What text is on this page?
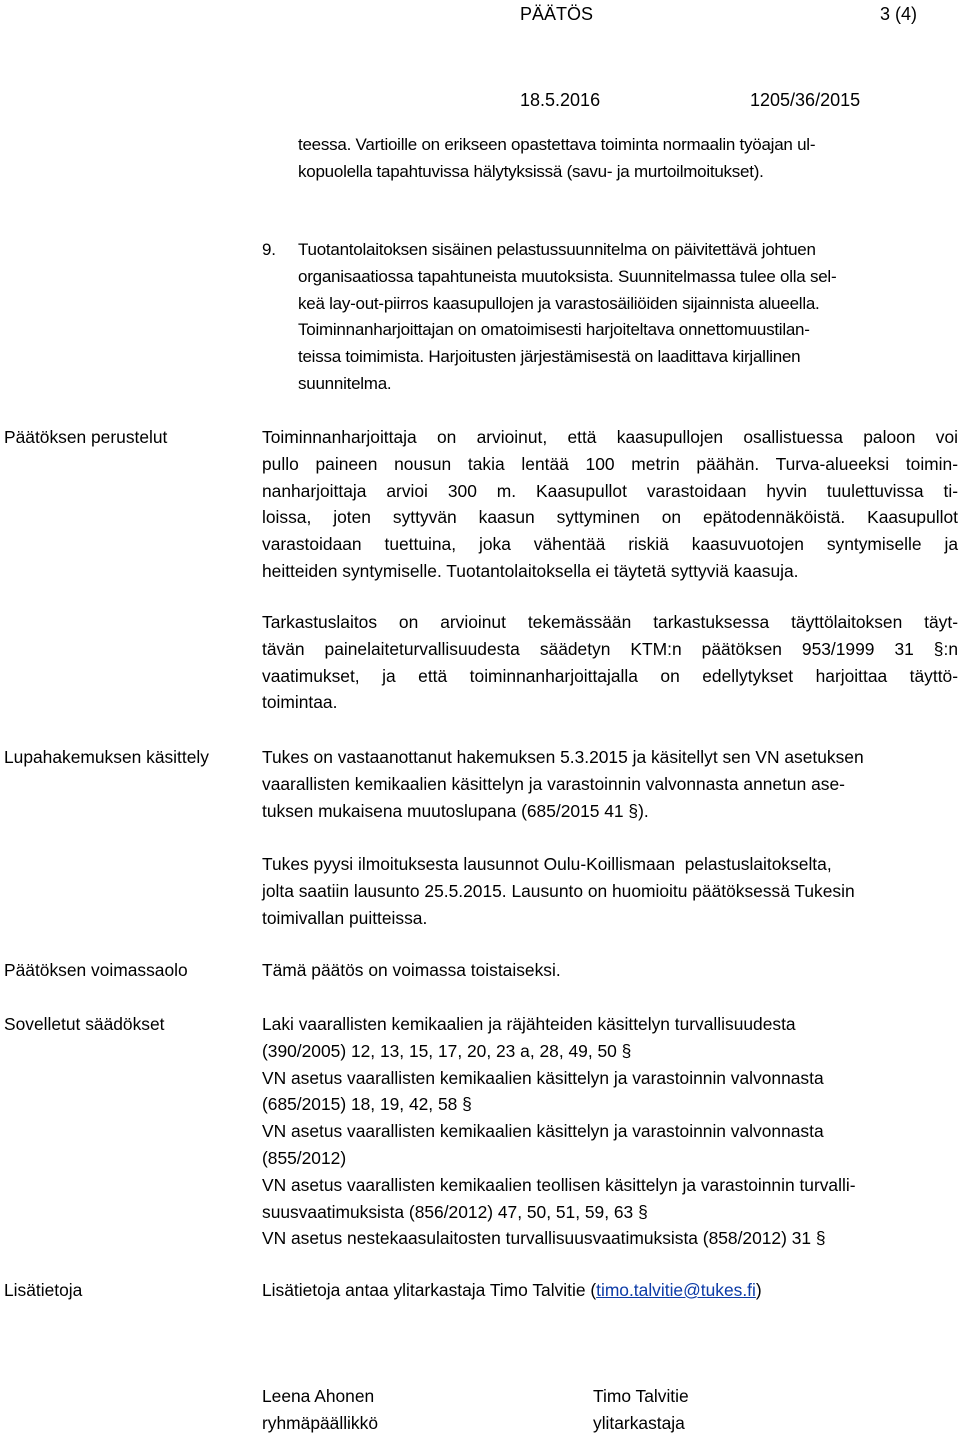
PÄÄTÖS	3 (4)
18.5.2016	1205/36/2015
teessa. Vartioille on erikseen opastettava toiminta normaalin työajan ul-
kopuolella tapahtuvissa hälytyksissä (savu- ja murtoilmoitukset).
9. Tuotantolaitoksen sisäinen pelastussuunnitelma on päivitettävä johtuen
organisaatiossa tapahtuneista muutoksista. Suunnitelmassa tulee olla sel-
keä lay-out-piirros kaasupullojen ja varastosäiliöiden sijainnista alueella.
Toiminnanharjoittajan on omatoimisesti harjoiteltava onnettomuustilan-
teissa toimimista. Harjoitusten järjestämisestä on laadittava kirjallinen
suunnitelma.
Päätöksen perustelut	Toiminnanharjoittaja on arvioinut, että kaasupullojen osallistuessa paloon voi
pullo paineen nousun takia lentää 100 metrin päähän. Turva-alueeksi toimin-
nanharjoittaja arvioi 300 m. Kaasupullot varastoidaan hyvin tuulettuvissa ti-
loissa, joten syttyvän kaasun syttyminen on epätodennäköistä. Kaasupullot
varastoidaan tuettuina, joka vähentää riskiä kaasuvuotojen syntymiselle ja
heitteiden syntymiselle. Tuotantolaitoksella ei täytetä syttyviä kaasuja.
Tarkastuslaitos on arvioinut tekemässään tarkastuksessa täyttölaitoksen täyt-
tävän painelaiteturvallisuudesta säädetyn KTM:n päätöksen 953/1999 31 §:n
vaatimukset, ja että toiminnanharjoittajalla on edellytykset harjoittaa täyttö-
toimintaa.
Lupahakemuksen käsittely	Tukes on vastaanottanut hakemuksen 5.3.2015 ja käsitellyt sen VN asetuksen
vaarallisten kemikaalien käsittelyn ja varastoinnin valvonnasta annetun ase-
tuksen mukaisena muutoslupana (685/2015 41 §).
Tukes pyysi ilmoituksesta lausunnot Oulu-Koillismaan  pelastuslaitokselta,
jolta saatiin lausunto 25.5.2015. Lausunto on huomioitu päätöksessä Tukesin
toimivallan puitteissa.
Päätöksen voimassaolo	Tämä päätös on voimassa toistaiseksi.
Sovelletut säädökset	Laki vaarallisten kemikaalien ja räjähteiden käsittelyn turvallisuudesta
(390/2005) 12, 13, 15, 17, 20, 23 a, 28, 49, 50 §
VN asetus vaarallisten kemikaalien käsittelyn ja varastoinnin valvonnasta
(685/2015) 18, 19, 42, 58 §
VN asetus vaarallisten kemikaalien käsittelyn ja varastoinnin valvonnasta
(855/2012)
VN asetus vaarallisten kemikaalien teollisen käsittelyn ja varastoinnin turvalli-
suusvaatimuksista (856/2012) 47, 50, 51, 59, 63 §
VN asetus nestekaasulaitosten turvallisuusvaatimuksista (858/2012) 31 §
Lisätietoja	Lisätietoja antaa ylitarkastaja Timo Talvitie (timo.talvitie@tukes.fi)
Leena Ahonen
ryhmäpäällikkö
Timo Talvitie
ylitarkastaja
